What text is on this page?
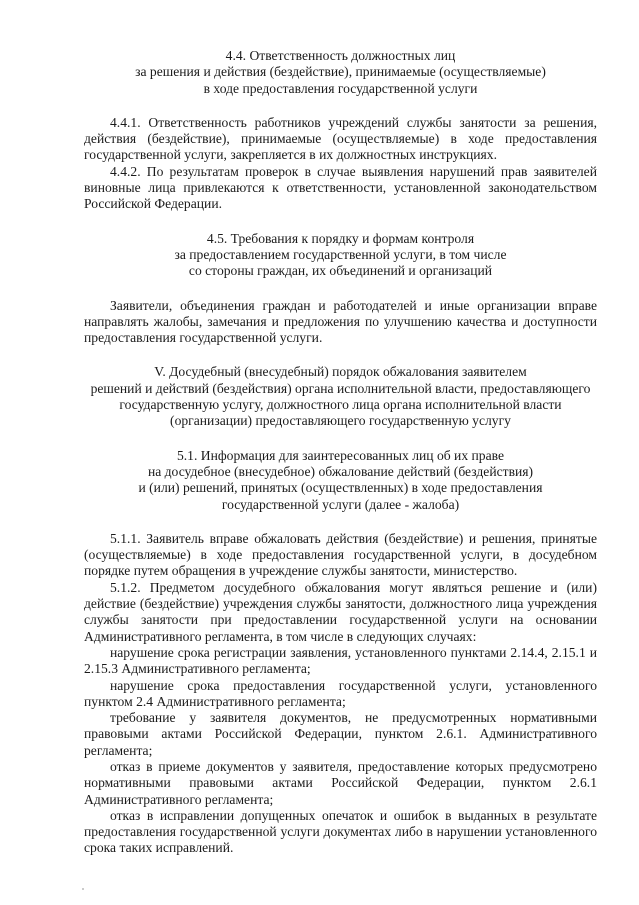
4.4. Ответственность должностных лиц
за решения и действия (бездействие), принимаемые (осуществляемые)
в ходе предоставления государственной услуги

4.4.1. Ответственность работников учреждений службы занятости за решения, действия (бездействие), принимаемые (осуществляемые) в ходе предоставления государственной услуги, закрепляется в их должностных инструкциях.

4.4.2. По результатам проверок в случае выявления нарушений прав заявителей виновные лица привлекаются к ответственности, установленной законодательством Российской Федерации.

4.5. Требования к порядку и формам контроля
за предоставлением государственной услуги, в том числе
со стороны граждан, их объединений и организаций

Заявители, объединения граждан и работодателей и иные организации вправе направлять жалобы, замечания и предложения по улучшению качества и доступности предоставления государственной услуги.

V. Досудебный (внесудебный) порядок обжалования заявителем
решений и действий (бездействия) органа исполнительной власти, предоставляющего
государственную услугу, должностного лица органа исполнительной власти
(организации) предоставляющего государственную услугу
5.1. Информация для заинтересованных лиц об их праве
на досудебное (внесудебное) обжалование действий (бездействия)
и (или) решений, принятых (осуществленных) в ходе предоставления
государственной услуги (далее - жалоба)

5.1.1. Заявитель вправе обжаловать действия (бездействие) и решения, принятые (осуществляемые) в ходе предоставления государственной услуги, в досудебном порядке путем обращения в учреждение службы занятости, министерство.

5.1.2. Предметом досудебного обжалования могут являться решение и (или) действие (бездействие) учреждения службы занятости, должностного лица учреждения службы занятости при предоставлении государственной услуги на основании Административного регламента, в том числе в следующих случаях:

нарушение срока регистрации заявления, установленного пунктами 2.14.4, 2.15.1 и 2.15.3 Административного регламента;

нарушение срока предоставления государственной услуги, установленного пунктом 2.4 Административного регламента;

требование у заявителя документов, не предусмотренных нормативными правовыми актами Российской Федерации, пунктом 2.6.1. Административного регламента;

отказ в приеме документов у заявителя, предоставление которых предусмотрено нормативными правовыми актами Российской Федерации, пунктом 2.6.1 Административного регламента;

отказ в исправлении допущенных опечаток и ошибок в выданных в результате предоставления государственной услуги документах либо в нарушении установленного срока таких исправлений.
